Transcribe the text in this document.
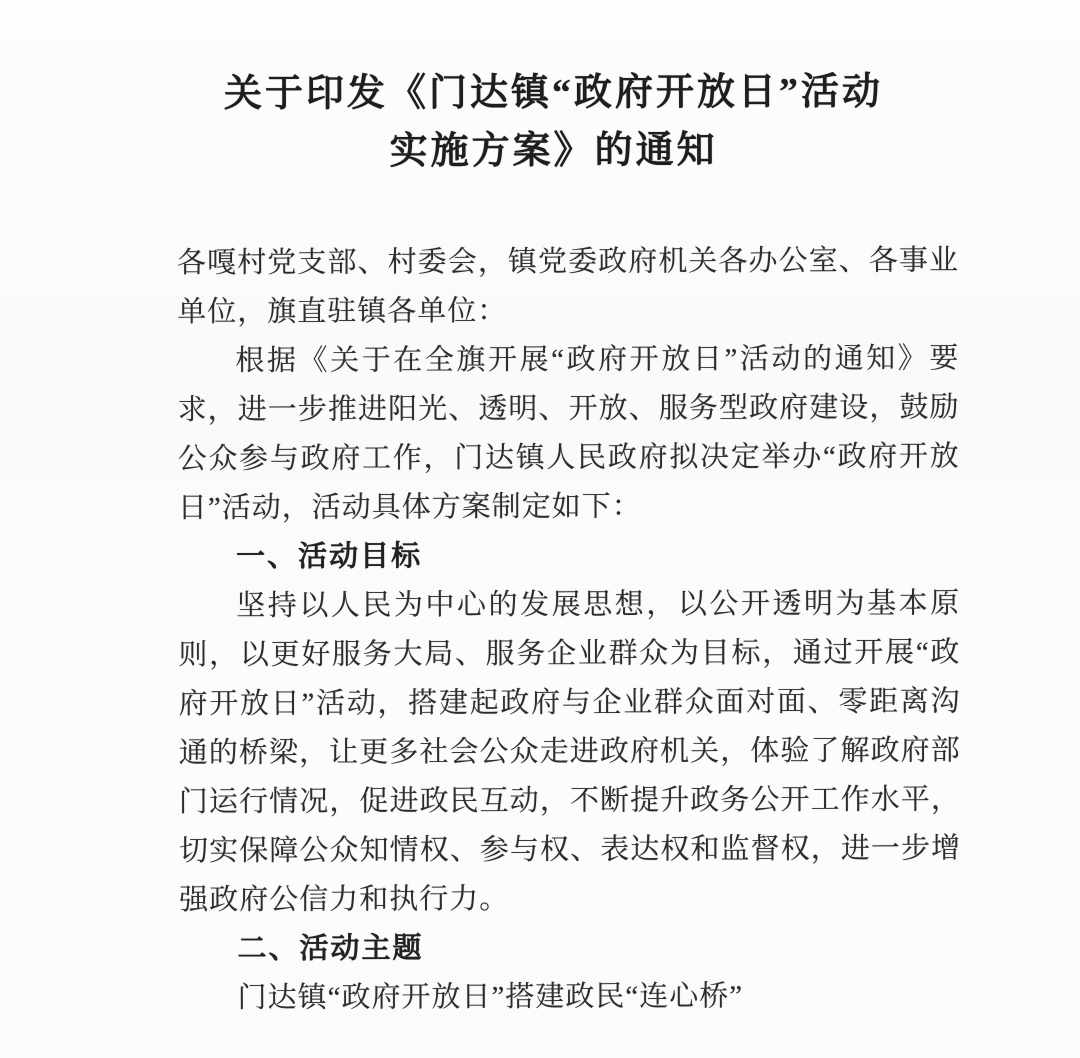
关于印发《门达镇“政府开放日”活动
实施方案》的通知

各嘎村党支部、村委会，镇党委政府机关各办公室、各事业单位，旗直驻镇各单位：

根据《关于在全旗开展“政府开放日”活动的通知》要求，进一步推进阳光、透明、开放、服务型政府建设，鼓励公众参与政府工作，门达镇人民政府拟决定举办“政府开放日”活动，活动具体方案制定如下：

一、活动目标

坚持以人民为中心的发展思想，以公开透明为基本原则，以更好服务大局、服务企业群众为目标，通过开展“政府开放日”活动，搭建起政府与企业群众面对面、零距离沟通的桥梁，让更多社会公众走进政府机关，体验了解政府部门运行情况，促进政民互动，不断提升政务公开工作水平，切实保障公众知情权、参与权、表达权和监督权，进一步增强政府公信力和执行力。

二、活动主题

门达镇“政府开放日”搭建政民“连心桥”
